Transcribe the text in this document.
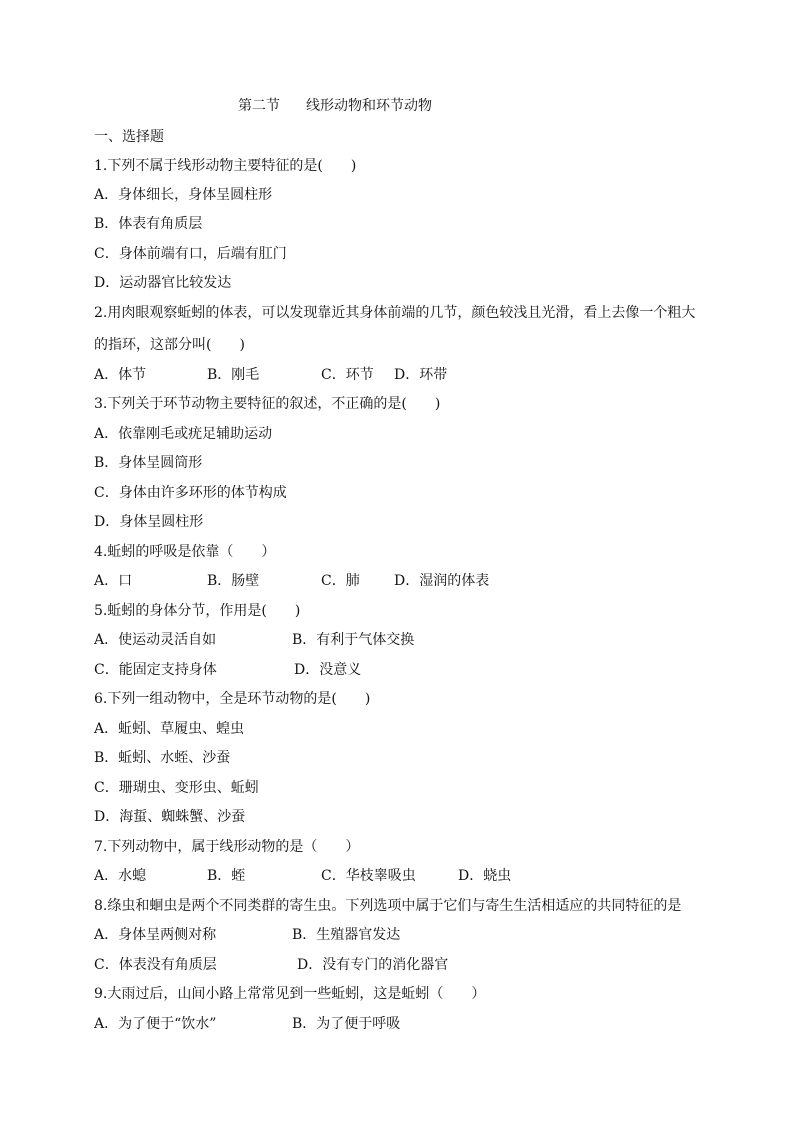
第二节 线形动物和环节动物
一、选择题
1.下列不属于线形动物主要特征的是(　　)
A．身体细长，身体呈圆柱形
B．体表有角质层
C．身体前端有口，后端有肛门
D．运动器官比较发达
2.用肉眼观察蚯蚓的体表，可以发现靠近其身体前端的几节，颜色较浅且光滑，看上去像一个粗大
的指环，这部分叫(　　)
A．体节	B．刚毛	C．环节 D．环带
3.下列关于环节动物主要特征的叙述，不正确的是(　　)
A．依靠刚毛或疣足辅助运动
B．身体呈圆筒形
C．身体由许多环形的体节构成
D．身体呈圆柱形
4.蚯蚓的呼吸是依靠（　　）
A．口	B．肠壁	C．肺 D．湿润的体表
5.蚯蚓的身体分节，作用是(　　)
A．使运动灵活自如	B．有利于气体交换
C．能固定支持身体	D．没意义
6.下列一组动物中，全是环节动物的是(　　)
A．蚯蚓、草履虫、蝗虫
B．蚯蚓、水蛭、沙蚕
C．珊瑚虫、变形虫、蚯蚓
D．海蜇、蜘蛛蟹、沙蚕
7.下列动物中，属于线形动物的是（　　）
A．水螅	B．蛭	C．华枝睾吸虫	D．蛲虫
8.绦虫和蛔虫是两个不同类群的寄生虫。下列选项中属于它们与寄生生活相适应的共同特征的是
A．身体呈两侧对称	B．生殖器官发达
C．体表没有角质层	D．没有专门的消化器官
9.大雨过后，山间小路上常常见到一些蚯蚓，这是蚯蚓（　　）
A．为了便于“饮水”	B．为了便于呼吸
